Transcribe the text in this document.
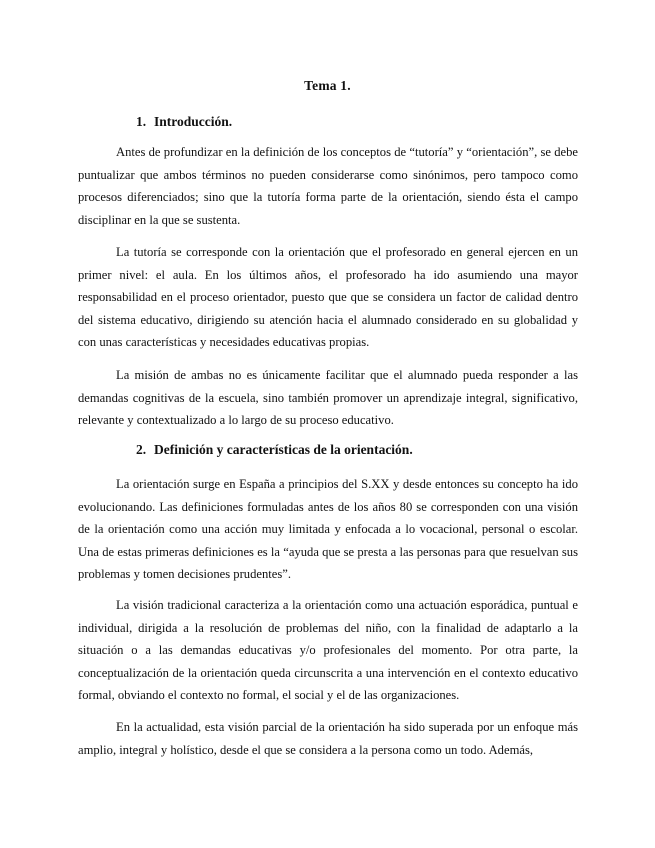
Tema 1.
1. Introducción.

Antes de profundizar en la definición de los conceptos de “tutoría” y “orientación”, se debe puntualizar que ambos términos no pueden considerarse como sinónimos, pero tampoco como procesos diferenciados; sino que la tutoría forma parte de la orientación, siendo ésta el campo disciplinar en la que se sustenta.

La tutoría se corresponde con la orientación que el profesorado en general ejercen en un primer nivel: el aula. En los últimos años, el profesorado ha ido asumiendo una mayor responsabilidad en el proceso orientador, puesto que que se considera un factor de calidad dentro del sistema educativo, dirigiendo su atención hacia el alumnado considerado en su globalidad y con unas características y necesidades educativas propias.

La misión de ambas no es únicamente facilitar que el alumnado pueda responder a las demandas cognitivas de la escuela, sino también promover un aprendizaje integral, significativo, relevante y contextualizado a lo largo de su proceso educativo.

2. Definición y características de la orientación.

La orientación surge en España a principios del S.XX y desde entonces su concepto ha ido evolucionando. Las definiciones formuladas antes de los años 80 se corresponden con una visión de la orientación como una acción muy limitada y enfocada a lo vocacional, personal o escolar. Una de estas primeras definiciones es la “ayuda que se presta a las personas para que resuelvan sus problemas y tomen decisiones prudentes”.

La visión tradicional caracteriza a la orientación como una actuación esporádica, puntual e individual, dirigida a la resolución de problemas del niño, con la finalidad de adaptarlo a la situación o a las demandas educativas y/o profesionales del momento. Por otra parte, la conceptualización de la orientación queda circunscrita a una intervención en el contexto educativo formal, obviando el contexto no formal, el social y el de las organizaciones.

En la actualidad, esta visión parcial de la orientación ha sido superada por un enfoque más amplio, integral y holístico, desde el que se considera a la persona como un todo. Además,
